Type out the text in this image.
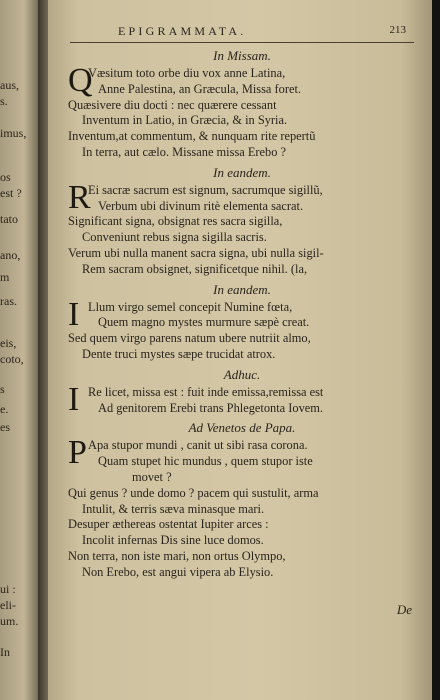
aus,
s.
imus,
os
est ?
tato
ano,
m
ras.
eis,
coto,
s
e.
es
ui :
eli-
um.
In
EPIGRAMMATA.	213
In Missam.
Q
Væsitum toto orbe diu vox anne Latina,
Anne Palestina, an Græcula, Missa foret.
Quæsivere diu docti : nec quærere cessant
Inventum in Latio, in Græcia, & in Syria.
Inventum,at commentum, & nunquam rite repertũ
In terra, aut cælo. Missane missa Erebo ?
In eandem.
R
Ei sacræ sacrum est signum, sacrumque sigillũ,
Verbum ubi divinum ritè elementa sacrat.
Significant signa, obsignat res sacra sigilla,
Conveniunt rebus signa sigilla sacris.
Verum ubi nulla manent sacra signa, ubi nulla sigil-
Rem sacram obsignet, significetque nihil. (la,
In eandem.
I Llum virgo semel concepit Numine fœta,
Quem magno mystes murmure sæpè creat.
Sed quem virgo parens natum ubere nutriit almo,
Dente truci mystes sæpe trucidat atrox.
Adhuc.
I Re licet, missa est : fuit inde emissa,remissa est
Ad genitorem Erebi trans Phlegetonta Iovem.
Ad Venetos de Papa.
P Apa stupor mundi , canit ut sibi rasa corona.
Quam stupet hic mundus , quem stupor iste
movet ?
Qui genus ? unde domo ? pacem qui sustulit, arma
Intulit, & terris sæva minasque mari.
Desuper æthereas ostentat Iupiter arces :
Incolit infernas Dis sine luce domos.
Non terra, non iste mari, non ortus Olympo,
Non Erebo, est angui vipera ab Elysio.
De
